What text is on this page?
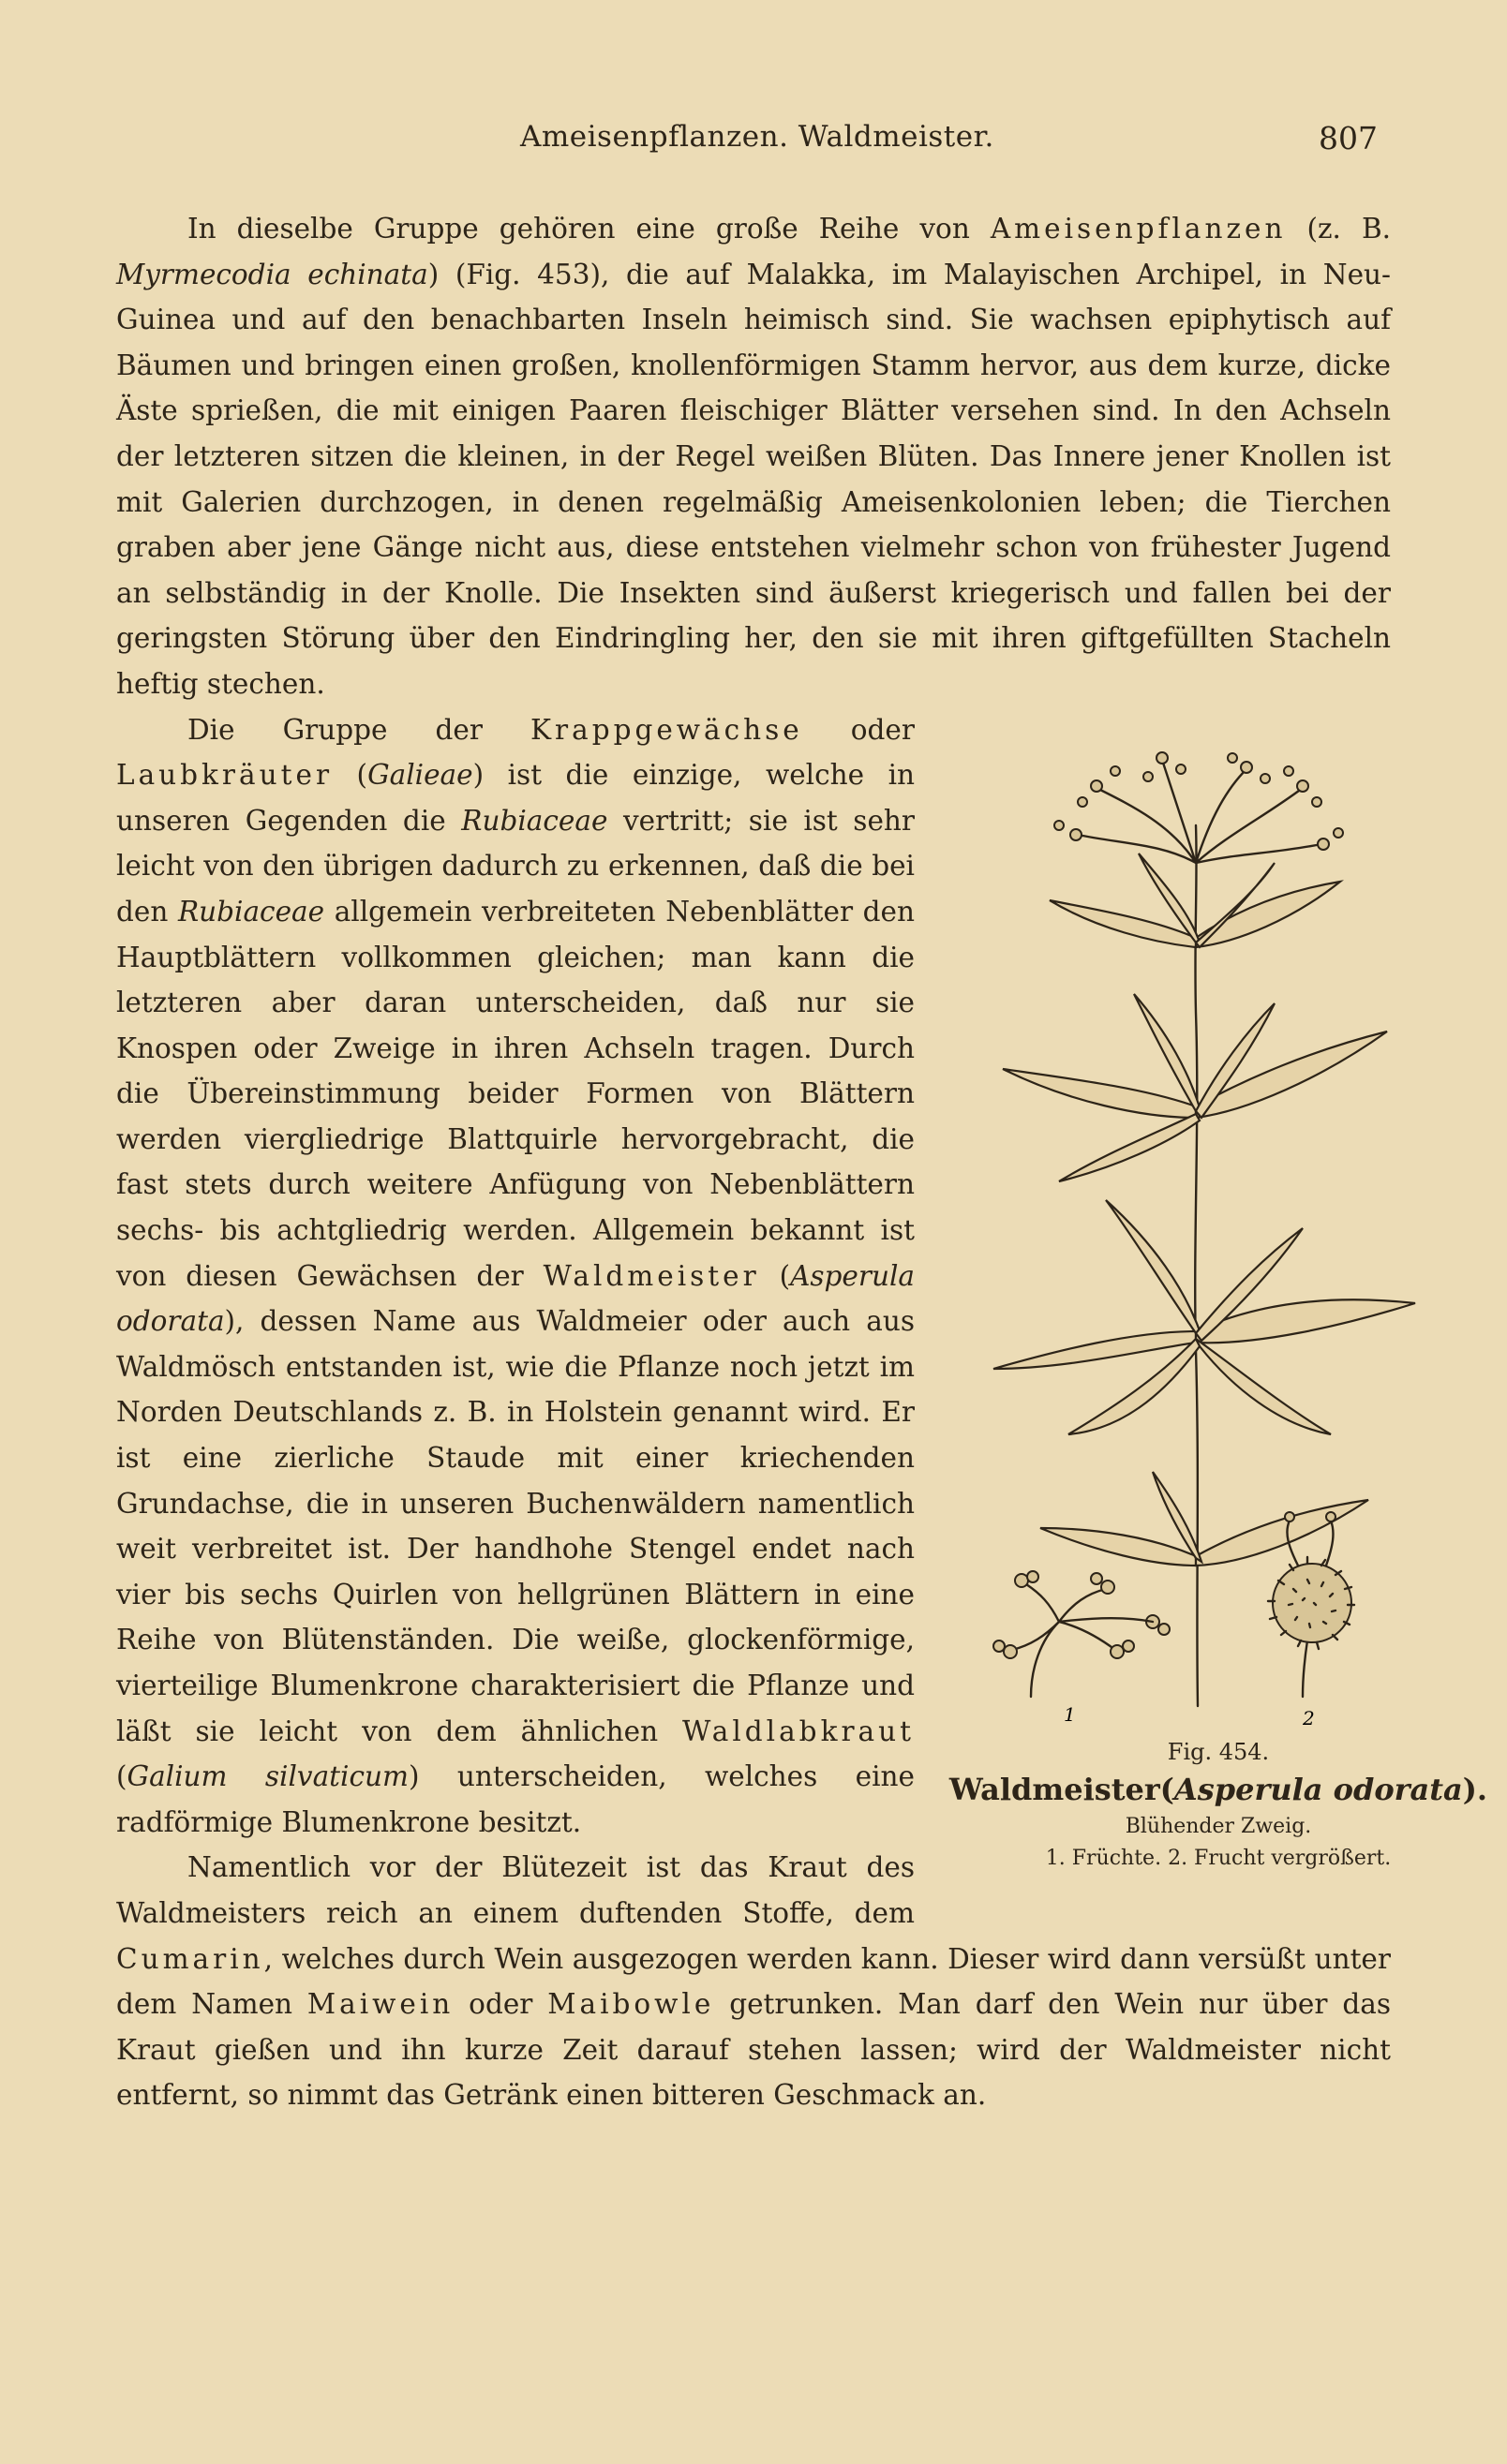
Ameisenpflanzen. Waldmeister.	807

In dieselbe Gruppe gehören eine große Reihe von Ameisenpflanzen (z. B. Myrmecodia echinata) (Fig. 453), die auf Malakka, im Malayischen Archipel, in Neu-Guinea und auf den benachbarten Inseln heimisch sind. Sie wachsen epiphytisch auf Bäumen und bringen einen großen, knollenförmigen Stamm hervor, aus dem kurze, dicke Äste sprießen, die mit einigen Paaren fleischiger Blätter versehen sind. In den Achseln der letzteren sitzen die kleinen, in der Regel weißen Blüten. Das Innere jener Knollen ist mit Galerien durchzogen, in denen regelmäßig Ameisenkolonien leben; die Tierchen graben aber jene Gänge nicht aus, diese entstehen vielmehr schon von frühester Jugend an selbständig in der Knolle. Die Insekten sind äußerst kriegerisch und fallen bei der geringsten Störung über den Eindringling her, den sie mit ihren giftgefüllten Stacheln heftig stechen.

1	2
Fig. 454.
Waldmeister(Asperula odorata).
Blühender Zweig.
1. Früchte. 2. Frucht vergrößert.

Die Gruppe der Krappgewächse oder Laubkräuter (Galieae) ist die einzige, welche in unseren Gegenden die Rubiaceae vertritt; sie ist sehr leicht von den übrigen dadurch zu erkennen, daß die bei den Rubiaceae allgemein verbreiteten Nebenblätter den Hauptblättern vollkommen gleichen; man kann die letzteren aber daran unterscheiden, daß nur sie Knospen oder Zweige in ihren Achseln tragen. Durch die Übereinstimmung beider Formen von Blättern werden viergliedrige Blattquirle hervorgebracht, die fast stets durch weitere Anfügung von Nebenblättern sechs- bis achtgliedrig werden. Allgemein bekannt ist von diesen Gewächsen der Waldmeister (Asperula odorata), dessen Name aus Waldmeier oder auch aus Waldmösch entstanden ist, wie die Pflanze noch jetzt im Norden Deutschlands z. B. in Holstein genannt wird. Er ist eine zierliche Staude mit einer kriechenden Grundachse, die in unseren Buchenwäldern namentlich weit verbreitet ist. Der handhohe Stengel endet nach vier bis sechs Quirlen von hellgrünen Blättern in eine Reihe von Blütenständen. Die weiße, glockenförmige, vierteilige Blumenkrone charakterisiert die Pflanze und läßt sie leicht von dem ähnlichen Waldlabkraut (Galium silvaticum) unterscheiden, welches eine radförmige Blumenkrone besitzt.

Namentlich vor der Blütezeit ist das Kraut des Waldmeisters reich an einem duftenden Stoffe, dem Cumarin, welches durch Wein ausgezogen werden kann. Dieser wird dann versüßt unter dem Namen Maiwein oder Maibowle getrunken. Man darf den Wein nur über das Kraut gießen und ihn kurze Zeit darauf stehen lassen; wird der Waldmeister nicht entfernt, so nimmt das Getränk einen bitteren Geschmack an.
